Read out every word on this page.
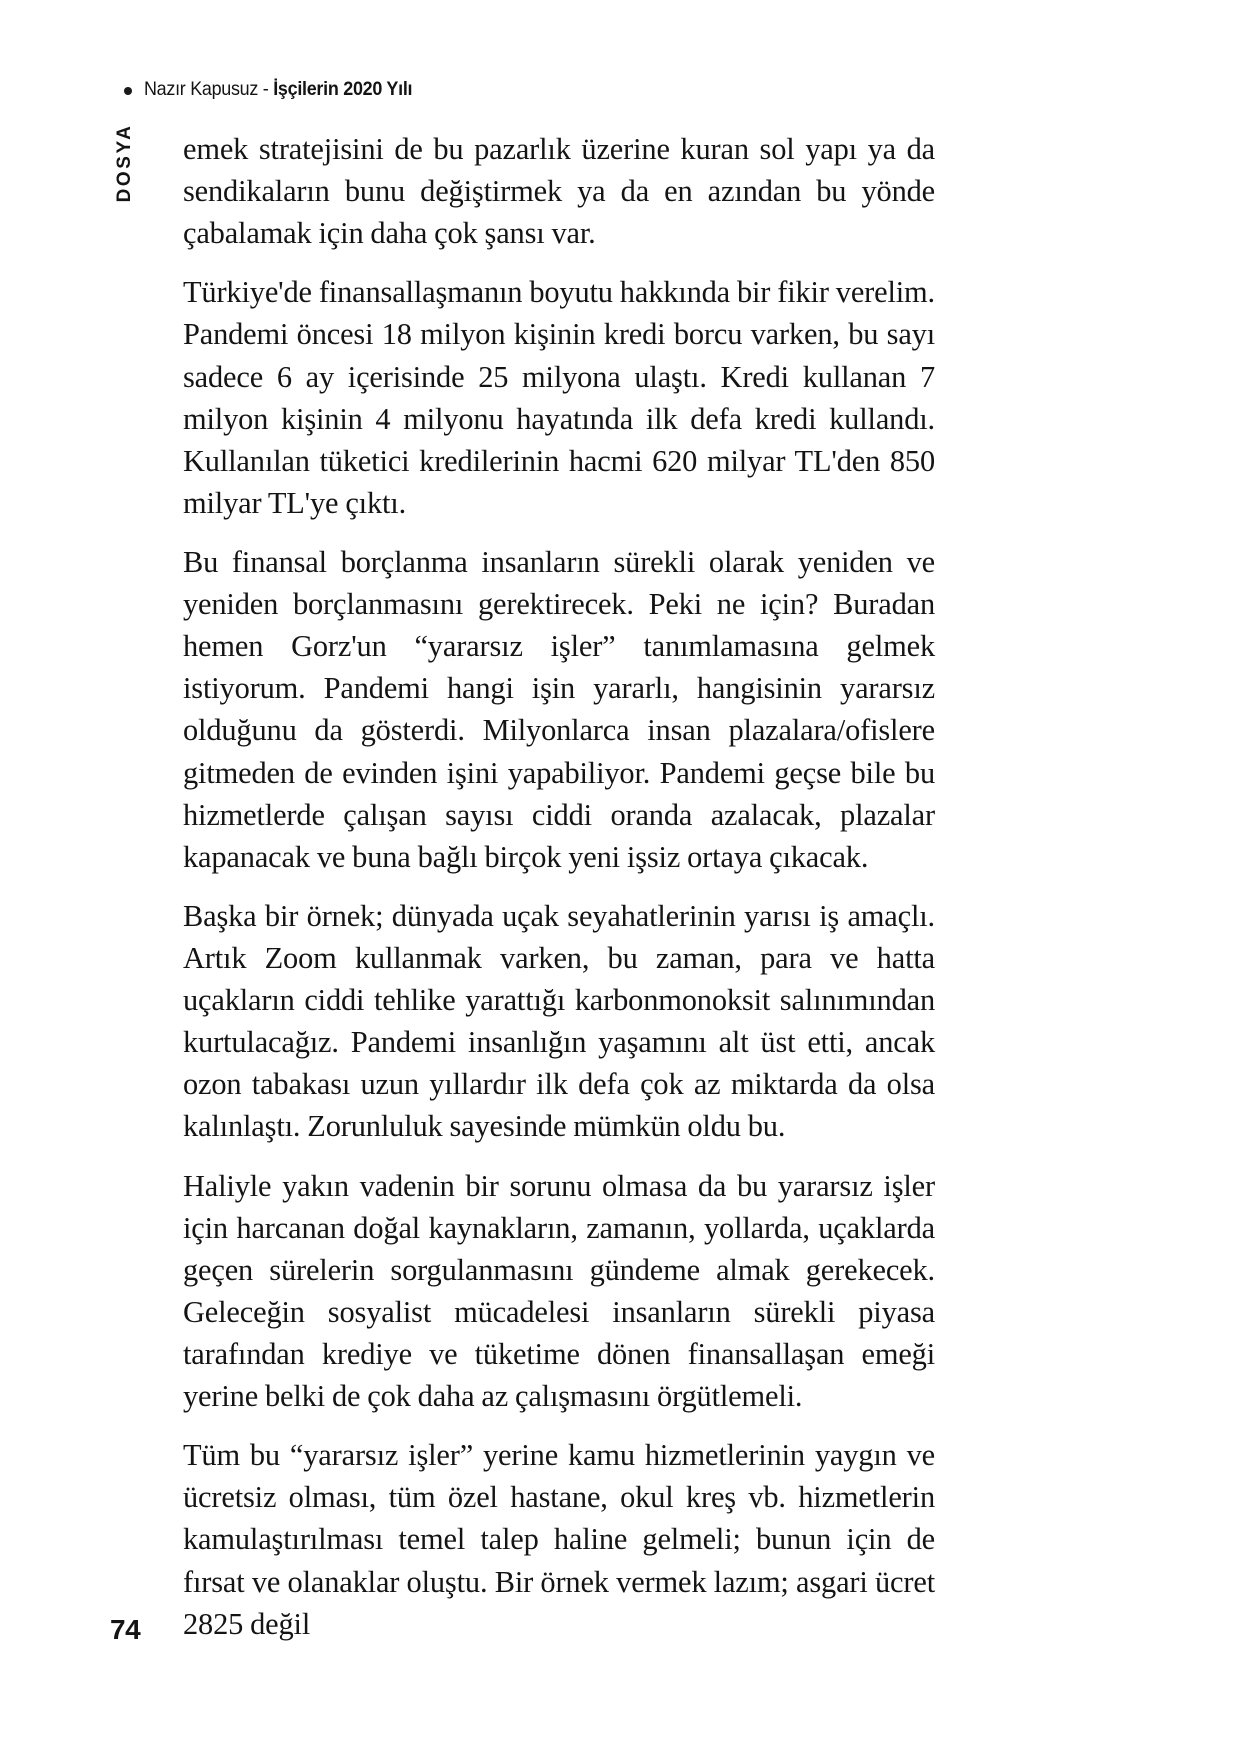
Nazır Kapusuz - İşçilerin 2020 Yılı
DOSYA emek stratejisini de bu pazarlık üzerine kuran sol yapı ya da sendikaların bunu değiştirmek ya da en azından bu yönde çabalamak için daha çok şansı var.

Türkiye'de finansallaşmanın boyutu hakkında bir fikir verelim. Pandemi öncesi 18 milyon kişinin kredi borcu varken, bu sayı sadece 6 ay içerisinde 25 milyona ulaştı. Kredi kullanan 7 milyon kişinin 4 milyonu hayatında ilk defa kredi kullandı. Kullanılan tüketici kredilerinin hacmi 620 milyar TL'den 850 milyar TL'ye çıktı.

Bu finansal borçlanma insanların sürekli olarak yeniden ve yeniden borçlanmasını gerektirecek. Peki ne için? Buradan hemen Gorz'un “yararsız işler” tanımlamasına gelmek istiyorum. Pandemi hangi işin yararlı, hangisinin yararsız olduğunu da gösterdi. Milyonlarca insan plazalara/ofislere gitmeden de evinden işini yapabiliyor. Pandemi geçse bile bu hizmetlerde çalışan sayısı ciddi oranda azalacak, plazalar kapanacak ve buna bağlı birçok yeni işsiz ortaya çıkacak.

Başka bir örnek; dünyada uçak seyahatlerinin yarısı iş amaçlı. Artık Zoom kullanmak varken, bu zaman, para ve hatta uçakların ciddi tehlike yarattığı karbonmonoksit salınımından kurtulacağız. Pandemi insanlığın yaşamını alt üst etti, ancak ozon tabakası uzun yıllardır ilk defa çok az miktarda da olsa kalınlaştı. Zorunluluk sayesinde mümkün oldu bu.

Haliyle yakın vadenin bir sorunu olmasa da bu yararsız işler için harcanan doğal kaynakların, zamanın, yollarda, uçaklarda geçen sürelerin sorgulanmasını gündeme almak gerekecek. Geleceğin sosyalist mücadelesi insanların sürekli piyasa tarafından krediye ve tüketime dönen finansallaşan emeği yerine belki de çok daha az çalışmasını örgütlemeli.

Tüm bu “yararsız işler” yerine kamu hizmetlerinin yaygın ve ücretsiz olması, tüm özel hastane, okul kreş vb. hizmetlerin kamulaştırılması temel talep haline gelmeli; bunun için de fırsat ve olanaklar oluştu. Bir örnek vermek lazım; asgari ücret 2825 değil

74
